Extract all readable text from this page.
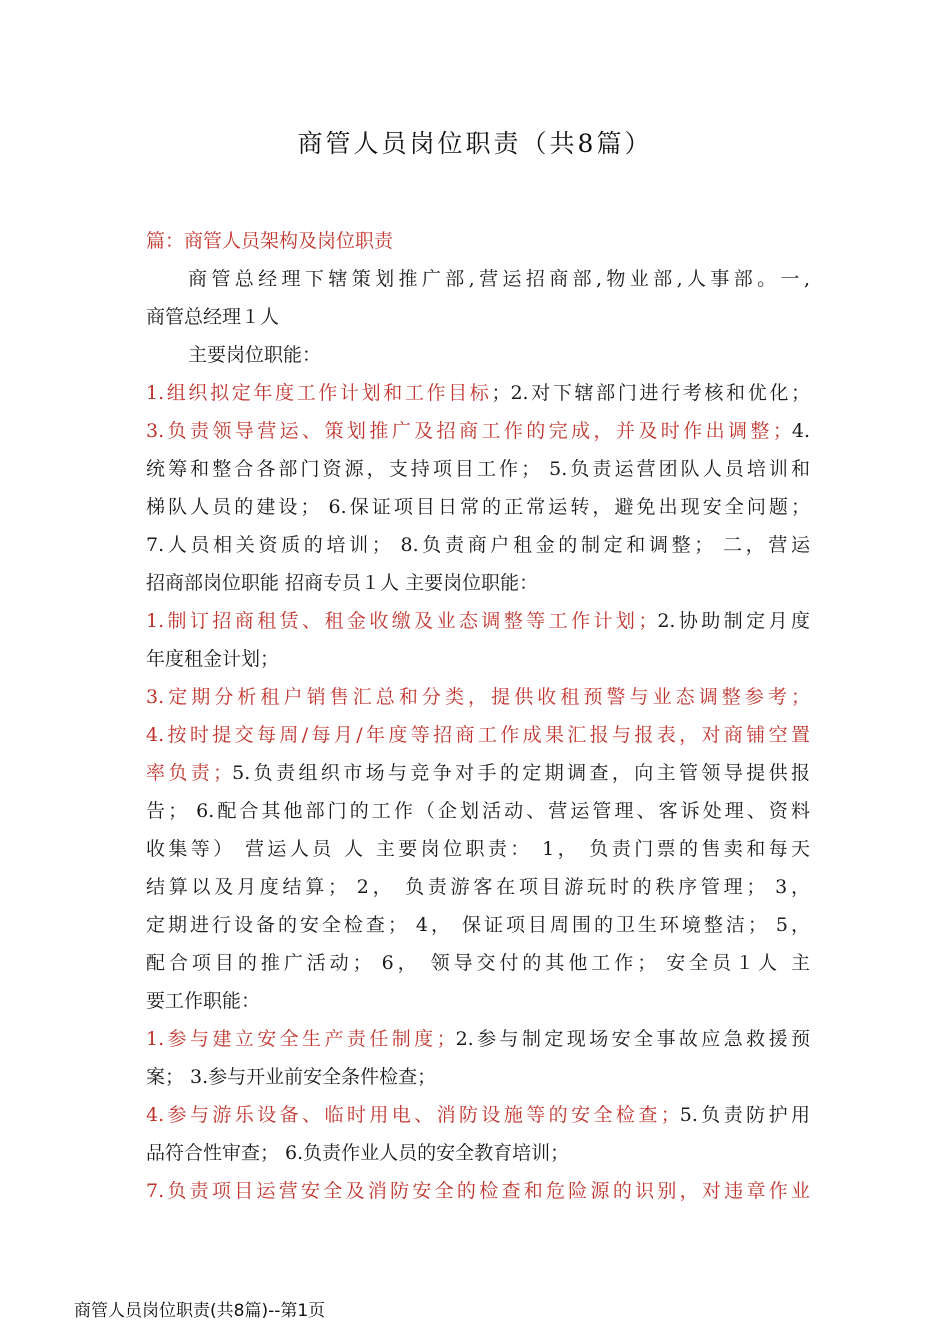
商管人员岗位职责（共8篇）
篇：商管人员架构及岗位职责
商管总经理下辖策划推广部,营运招商部,物业部,人事部。一,
商管总经理１人
主要岗位职能：
1.组织拟定年度工作计划和工作目标；2.对下辖部门进行考核和优化；
3.负责领导营运、策划推广及招商工作的完成，并及时作出调整；4.
统筹和整合各部门资源，支持项目工作； 5.负责运营团队人员培训和
梯队人员的建设； 6.保证项目日常的正常运转，避免出现安全问题；
7.人员相关资质的培训； 8.负责商户租金的制定和调整； 二，营运
招商部岗位职能 招商专员１人 主要岗位职能：
1.制订招商租赁、租金收缴及业态调整等工作计划；2.协助制定月度
年度租金计划；
3.定期分析租户销售汇总和分类，提供收租预警与业态调整参考；
4.按时提交每周/每月/年度等招商工作成果汇报与报表，对商铺空置
率负责；5.负责组织市场与竞争对手的定期调查，向主管领导提供报
告； 6.配合其他部门的工作（企划活动、营运管理、客诉处理、资料
收集等） 营运人员 人 主要岗位职责： 1， 负责门票的售卖和每天
结算以及月度结算； 2， 负责游客在项目游玩时的秩序管理； 3，
定期进行设备的安全检查； 4， 保证项目周围的卫生环境整洁； 5，
配合项目的推广活动； 6， 领导交付的其他工作； 安全员１人 主
要工作职能：
1.参与建立安全生产责任制度；2.参与制定现场安全事故应急救援预
案； 3.参与开业前安全条件检查；
4.参与游乐设备、临时用电、消防设施等的安全检查；5.负责防护用
品符合性审查； 6.负责作业人员的安全教育培训；
7.负责项目运营安全及消防安全的检查和危险源的识别，对违章作业
商管人员岗位职责(共8篇)--第1页
